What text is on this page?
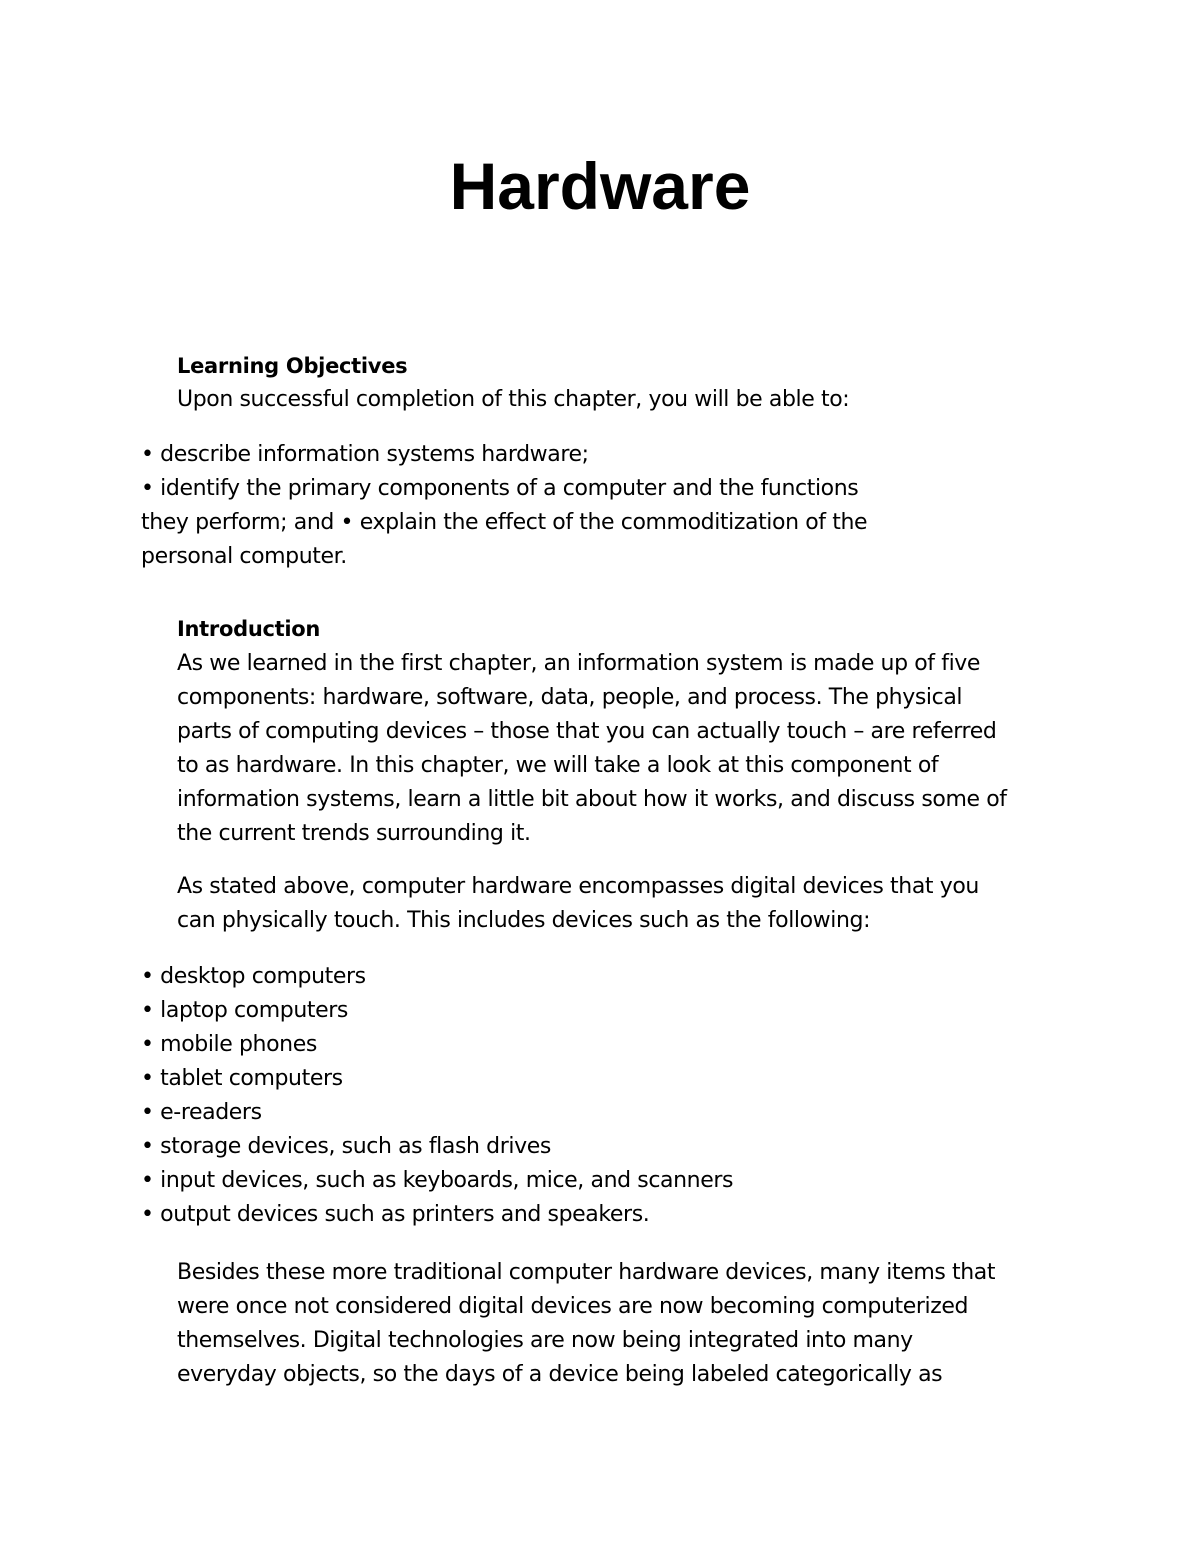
Hardware
Learning Objectives
Upon successful completion of this chapter, you will be able to:
• describe information systems hardware;
• identify the primary components of a computer and the functions
they perform; and • explain the effect of the commoditization of the
personal computer.
Introduction
As we learned in the first chapter, an information system is made up of five
components: hardware, software, data, people, and process. The physical
parts of computing devices – those that you can actually touch – are referred
to as hardware. In this chapter, we will take a look at this component of
information systems, learn a little bit about how it works, and discuss some of
the current trends surrounding it.
As stated above, computer hardware encompasses digital devices that you
can physically touch. This includes devices such as the following:
• desktop computers
• laptop computers
• mobile phones
• tablet computers
• e-readers
• storage devices, such as flash drives
• input devices, such as keyboards, mice, and scanners
• output devices such as printers and speakers.
Besides these more traditional computer hardware devices, many items that
were once not considered digital devices are now becoming computerized
themselves. Digital technologies are now being integrated into many
everyday objects, so the days of a device being labeled categorically as
